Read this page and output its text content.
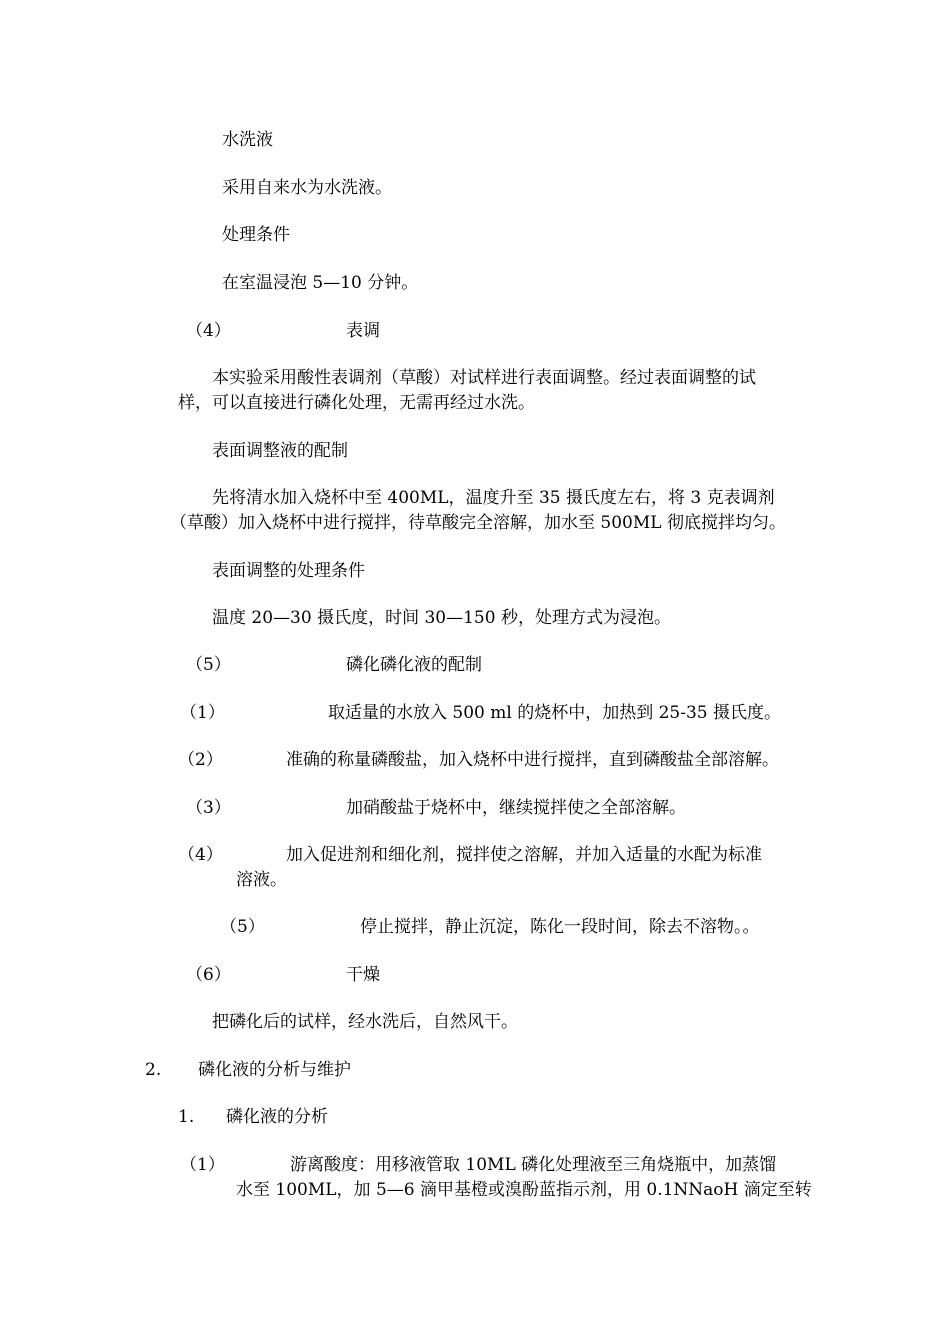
水洗液
采用自来水为水洗液。
处理条件
在室温浸泡 5—10 分钟。
（4）	表调
本实验采用酸性表调剂（草酸）对试样进行表面调整。经过表面调整的试
样，可以直接进行磷化处理，无需再经过水洗。
表面调整液的配制
先将清水加入烧杯中至 400ML，温度升至 35 摄氏度左右，将 3 克表调剂
（草酸）加入烧杯中进行搅拌，待草酸完全溶解，加水至 500ML 彻底搅拌均匀。
表面调整的处理条件
温度 20—30 摄氏度，时间 30—150 秒，处理方式为浸泡。
（5）	磷化磷化液的配制
（1）	取适量的水放入 500 ml 的烧杯中，加热到 25-35 摄氏度。
（2）	准确的称量磷酸盐，加入烧杯中进行搅拌，直到磷酸盐全部溶解。
（3）	加硝酸盐于烧杯中，继续搅拌使之全部溶解。
（4）	加入促进剂和细化剂，搅拌使之溶解，并加入适量的水配为标准
溶液。
（5）	停止搅拌，静止沉淀，陈化一段时间，除去不溶物。。
（6）	干燥
把磷化后的试样，经水洗后，自然风干。
2. 磷化液的分析与维护
1. 磷化液的分析
（1）	游离酸度：用移液管取 10ML 磷化处理液至三角烧瓶中，加蒸馏
水至 100ML，加 5—6 滴甲基橙或溴酚蓝指示剂，用 0.1NNaoH 滴定至转
